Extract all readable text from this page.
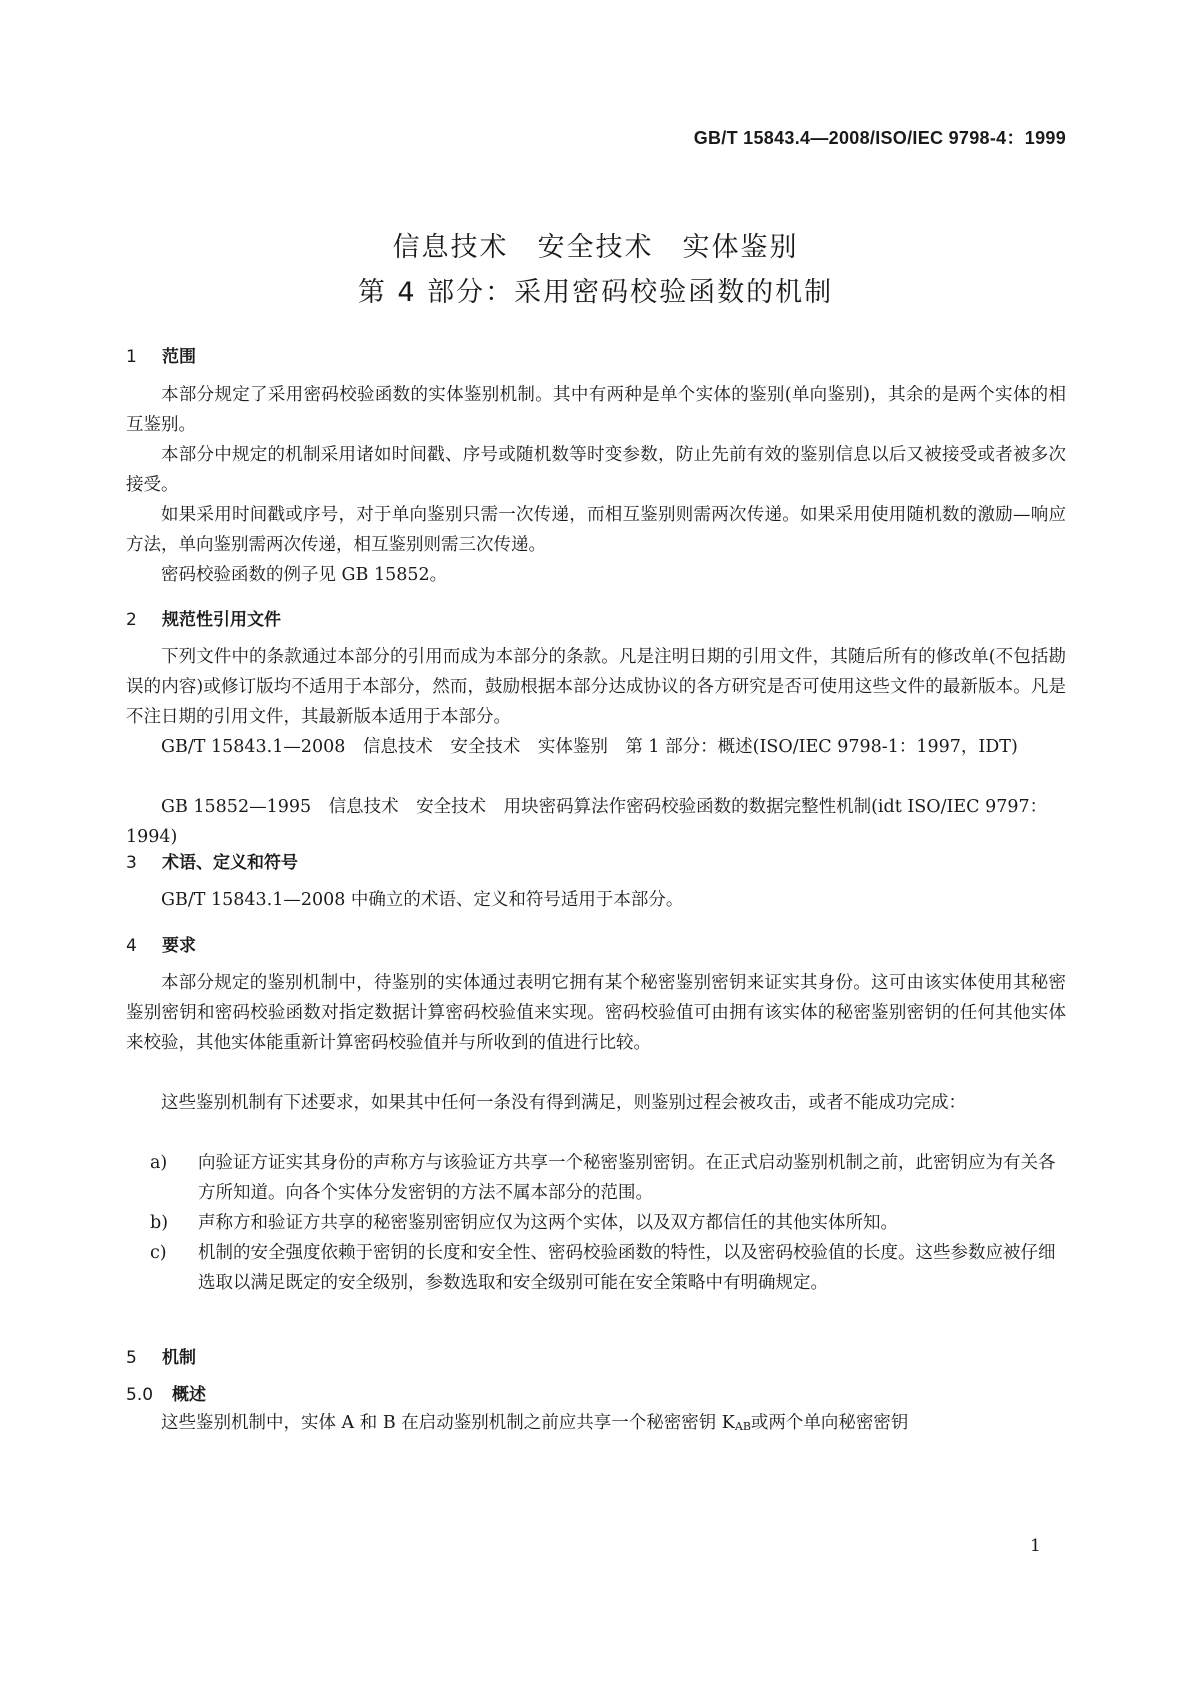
GB/T 15843.4—2008/ISO/IEC 9798-4：1999
信息技术　安全技术　实体鉴别
第 4 部分：采用密码校验函数的机制
1 范围
本部分规定了采用密码校验函数的实体鉴别机制。其中有两种是单个实体的鉴别(单向鉴别)，其余的是两个实体的相互鉴别。
本部分中规定的机制采用诸如时间戳、序号或随机数等时变参数，防止先前有效的鉴别信息以后又被接受或者被多次接受。
如果采用时间戳或序号，对于单向鉴别只需一次传递，而相互鉴别则需两次传递。如果采用使用随机数的激励—响应方法，单向鉴别需两次传递，相互鉴别则需三次传递。
密码校验函数的例子见 GB 15852。
2 规范性引用文件
下列文件中的条款通过本部分的引用而成为本部分的条款。凡是注明日期的引用文件，其随后所有的修改单(不包括勘误的内容)或修订版均不适用于本部分，然而，鼓励根据本部分达成协议的各方研究是否可使用这些文件的最新版本。凡是不注日期的引用文件，其最新版本适用于本部分。
GB/T 15843.1—2008　信息技术　安全技术　实体鉴别　第 1 部分：概述(ISO/IEC 9798-1：1997，IDT)
GB 15852—1995　信息技术　安全技术　用块密码算法作密码校验函数的数据完整性机制(idt ISO/IEC 9797：1994)
3 术语、定义和符号
GB/T 15843.1—2008 中确立的术语、定义和符号适用于本部分。
4 要求
本部分规定的鉴别机制中，待鉴别的实体通过表明它拥有某个秘密鉴别密钥来证实其身份。这可由该实体使用其秘密鉴别密钥和密码校验函数对指定数据计算密码校验值来实现。密码校验值可由拥有该实体的秘密鉴别密钥的任何其他实体来校验，其他实体能重新计算密码校验值并与所收到的值进行比较。
这些鉴别机制有下述要求，如果其中任何一条没有得到满足，则鉴别过程会被攻击，或者不能成功完成：
a) 向验证方证实其身份的声称方与该验证方共享一个秘密鉴别密钥。在正式启动鉴别机制之前，此密钥应为有关各方所知道。向各个实体分发密钥的方法不属本部分的范围。
b) 声称方和验证方共享的秘密鉴别密钥应仅为这两个实体，以及双方都信任的其他实体所知。
c) 机制的安全强度依赖于密钥的长度和安全性、密码校验函数的特性，以及密码校验值的长度。这些参数应被仔细选取以满足既定的安全级别，参数选取和安全级别可能在安全策略中有明确规定。
5 机制
5.0 概述
这些鉴别机制中，实体 A 和 B 在启动鉴别机制之前应共享一个秘密密钥 $K_{AB}$或两个单向秘密密钥
1
